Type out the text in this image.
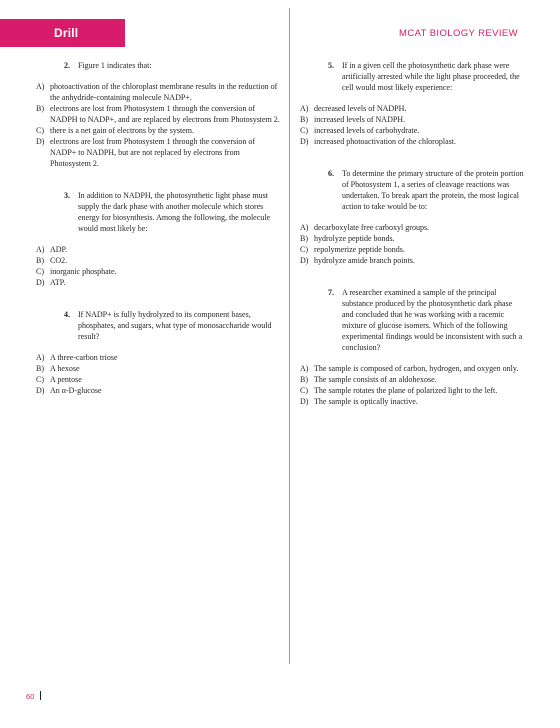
Drill	MCAT BIOLOGY REVIEW
2. Figure 1 indicates that:
A) photoactivation of the chloroplast membrane results in the reduction of the anhydride-containing molecule NADP+.
B) electrons are lost from Photosystem 1 through the conversion of NADPH to NADP+, and are replaced by electrons from Photosystem 2.
C) there is a net gain of electrons by the system.
D) electrons are lost from Photosystem 1 through the conversion of NADP+ to NADPH, but are not replaced by electrons from Photosystem 2.
3. In addition to NADPH, the photosynthetic light phase must supply the dark phase with another molecule which stores energy for biosynthesis. Among the following, the molecule would most likely be:
A) ADP.
B) CO2.
C) inorganic phosphate.
D) ATP.
4. If NADP+ is fully hydrolyzed to its component bases, phosphates, and sugars, what type of monosaccharide would result?
A) A three-carbon triose
B) A hexose
C) A pentose
D) An α-D-glucose
5. If in a given cell the photosynthetic dark phase were artificially arrested while the light phase proceeded, the cell would most likely experience:
A) decreased levels of NADPH.
B) increased levels of NADPH.
C) increased levels of carbohydrate.
D) increased photoactivation of the chloroplast.
6. To determine the primary structure of the protein portion of Photosystem 1, a series of cleavage reactions was undertaken. To break apart the protein, the most logical action to take would be to:
A) decarboxylate free carboxyl groups.
B) hydrolyze peptide bonds.
C) repolymerize peptide bonds.
D) hydrolyze amide branch points.
7. A researcher examined a sample of the principal substance produced by the photosynthetic dark phase and concluded that he was working with a racemic mixture of glucose isomers. Which of the following experimental findings would be inconsistent with such a conclusion?
A) The sample is composed of carbon, hydrogen, and oxygen only.
B) The sample consists of an aldohexose.
C) The sample rotates the plane of polarized light to the left.
D) The sample is optically inactive.
60
